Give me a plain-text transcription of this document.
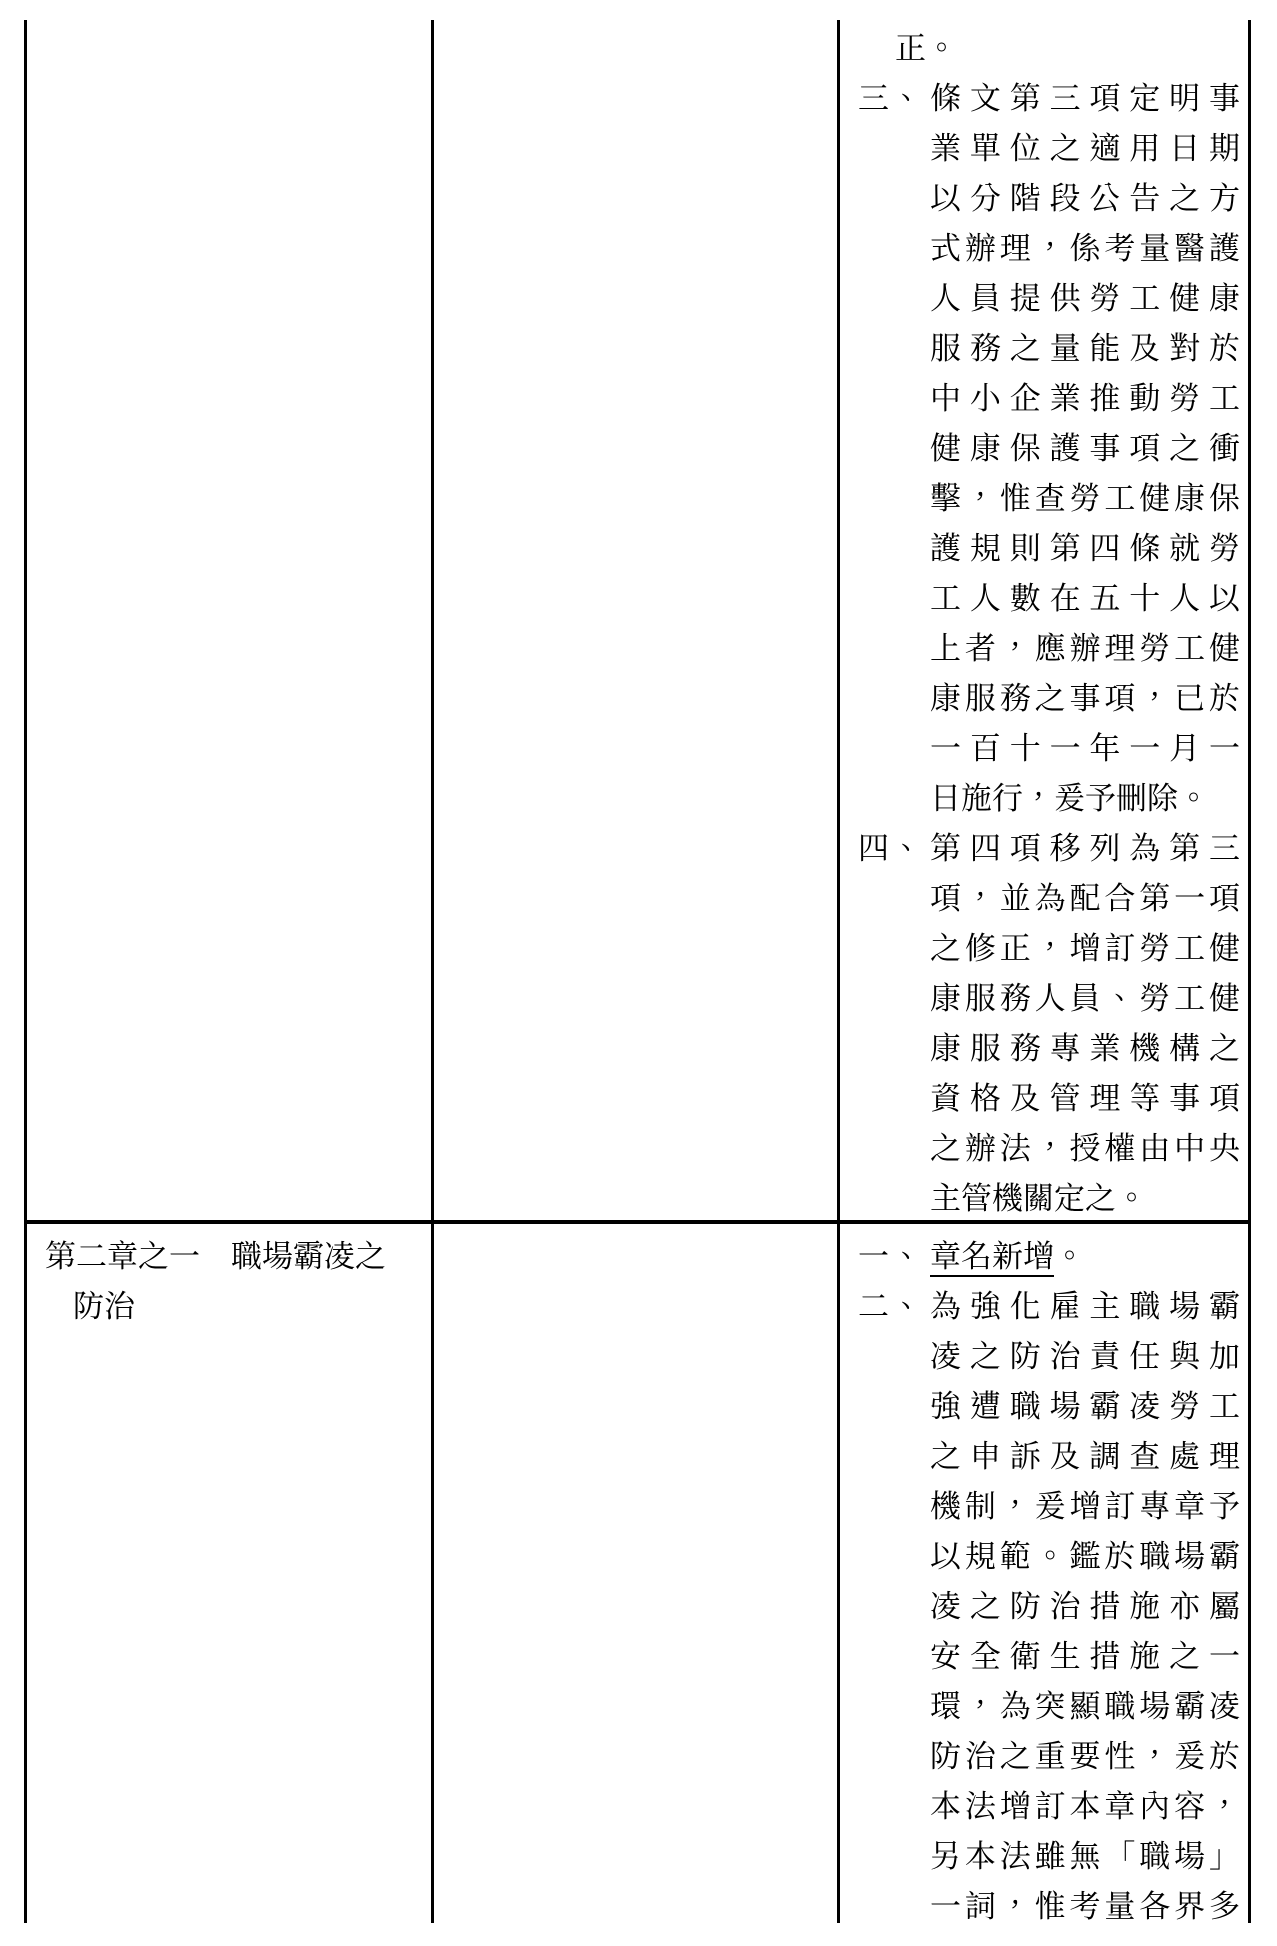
正。
三、 條文第三項定明事
業單位之適用日期
以分階段公告之方
式辦理，係考量醫護
人員提供勞工健康
服務之量能及對於
中小企業推動勞工
健康保護事項之衝
擊，惟查勞工健康保
護規則第四條就勞
工人數在五十人以
上者，應辦理勞工健
康服務之事項，已於
一百十一年一月一
日施行，爰予刪除。
四、 第四項移列為第三
項，並為配合第一項
之修正，增訂勞工健
康服務人員、勞工健
康服務專業機構之
資格及管理等事項
之辦法，授權由中央
主管機關定之。
第二章之一　職場霸凌之
防治
一、 章名新增。
二、 為強化雇主職場霸
凌之防治責任與加
強遭職場霸凌勞工
之申訴及調查處理
機制，爰增訂專章予
以規範。鑑於職場霸
凌之防治措施亦屬
安全衛生措施之一
環，為突顯職場霸凌
防治之重要性，爰於
本法增訂本章內容，
另本法雖無「職場」
一詞，惟考量各界多
